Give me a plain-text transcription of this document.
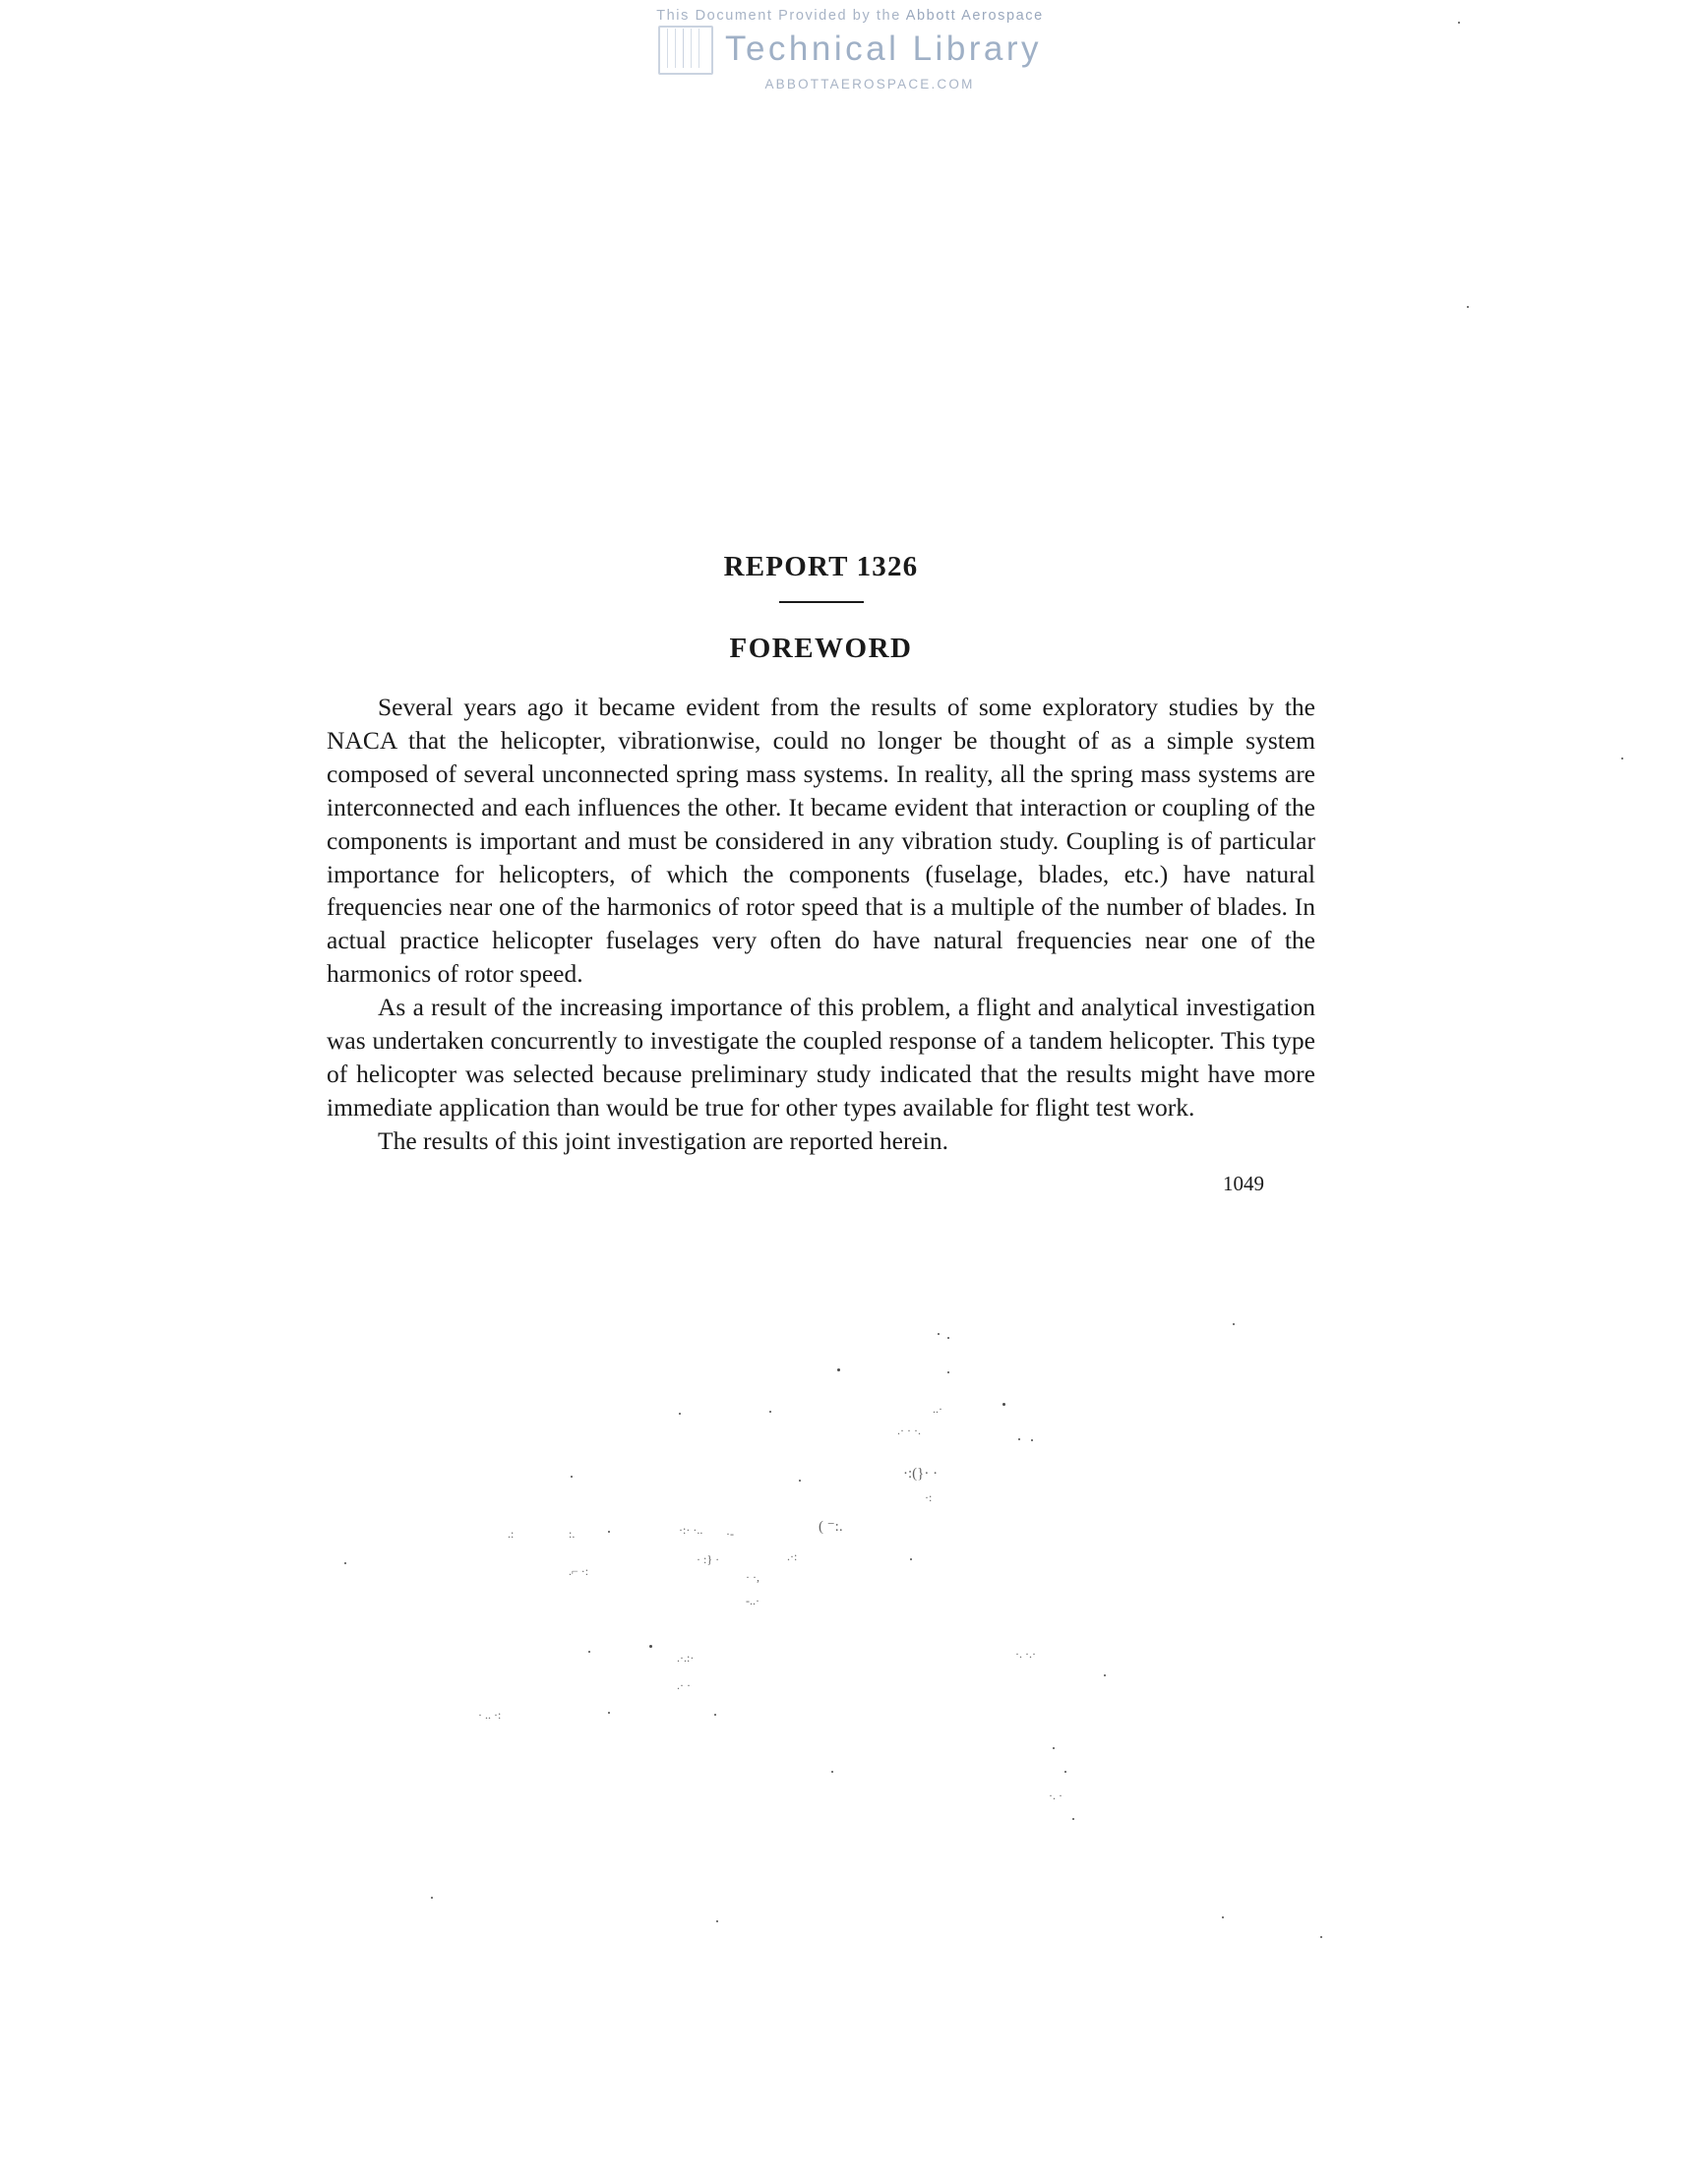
This Document Provided by the Abbott Aerospace
Technical Library
ABBOTTAEROSPACE.COM
REPORT 1326
FOREWORD

Several years ago it became evident from the results of some exploratory studies by the NACA that the helicopter, vibrationwise, could no longer be thought of as a simple system composed of several unconnected spring mass systems. In reality, all the spring mass systems are interconnected and each influences the other. It became evident that interaction or coupling of the components is important and must be considered in any vibration study. Coupling is of particular importance for helicopters, of which the components (fuselage, blades, etc.) have natural frequencies near one of the harmonics of rotor speed that is a multiple of the number of blades. In actual practice helicopter fuselages very often do have natural frequencies near one of the harmonics of rotor speed.

As a result of the increasing importance of this problem, a flight and analytical investigation was undertaken concurrently to investigate the coupled response of a tandem helicopter. This type of helicopter was selected because preliminary study indicated that the results might have more immediate application than would be true for other types available for flight test work.

The results of this joint investigation are reported herein.

1049
..·
.· · ·.
·:(}· ·
·:
.:	:.	·:· ·.. ·-	( ⁻:.
· :} ·	.·:
.⌐ ·:	· ·,
-..·
.·.:·	·. ·.·
.· ·
· .. ·:
·. ·
